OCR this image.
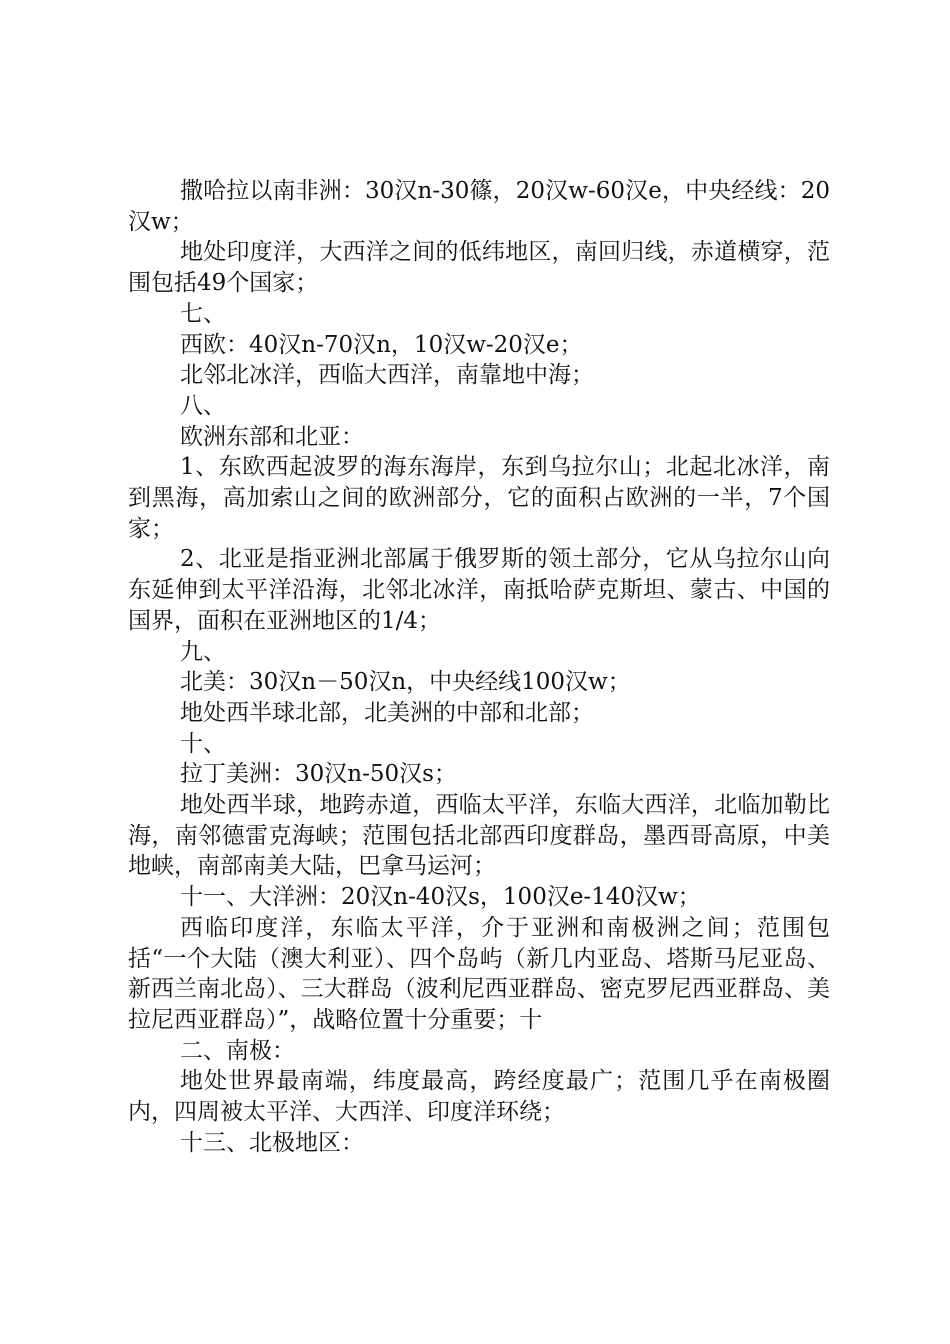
撒哈拉以南非洲：30汉n-30篠，20汉w-60汉e，中央经线：20汉w；

地处印度洋，大西洋之间的低纬地区，南回归线，赤道横穿，范围包括49个国家；

七、

西欧：40汉n-70汉n，10汉w-20汉e；

北邻北冰洋，西临大西洋，南靠地中海；

八、

欧洲东部和北亚：

1、东欧西起波罗的海东海岸，东到乌拉尔山；北起北冰洋，南到黑海，高加索山之间的欧洲部分，它的面积占欧洲的一半，7个国家；

2、北亚是指亚洲北部属于俄罗斯的领土部分，它从乌拉尔山向东延伸到太平洋沿海，北邻北冰洋，南抵哈萨克斯坦、蒙古、中国的国界，面积在亚洲地区的1/4；

九、

北美：30汉n－50汉n，中央经线100汉w；

地处西半球北部，北美洲的中部和北部；

十、

拉丁美洲：30汉n-50汉s；

地处西半球，地跨赤道，西临太平洋，东临大西洋，北临加勒比海，南邻德雷克海峡；范围包括北部西印度群岛，墨西哥高原，中美地峡，南部南美大陆，巴拿马运河；

十一、大洋洲：20汉n-40汉s，100汉e-140汉w；

西临印度洋，东临太平洋，介于亚洲和南极洲之间；范围包括“一个大陆（澳大利亚）、四个岛屿（新几内亚岛、塔斯马尼亚岛、新西兰南北岛）、三大群岛（波利尼西亚群岛、密克罗尼西亚群岛、美拉尼西亚群岛）”，战略位置十分重要；十

二、南极：

地处世界最南端，纬度最高，跨经度最广；范围几乎在南极圈内，四周被太平洋、大西洋、印度洋环绕；

十三、北极地区：
